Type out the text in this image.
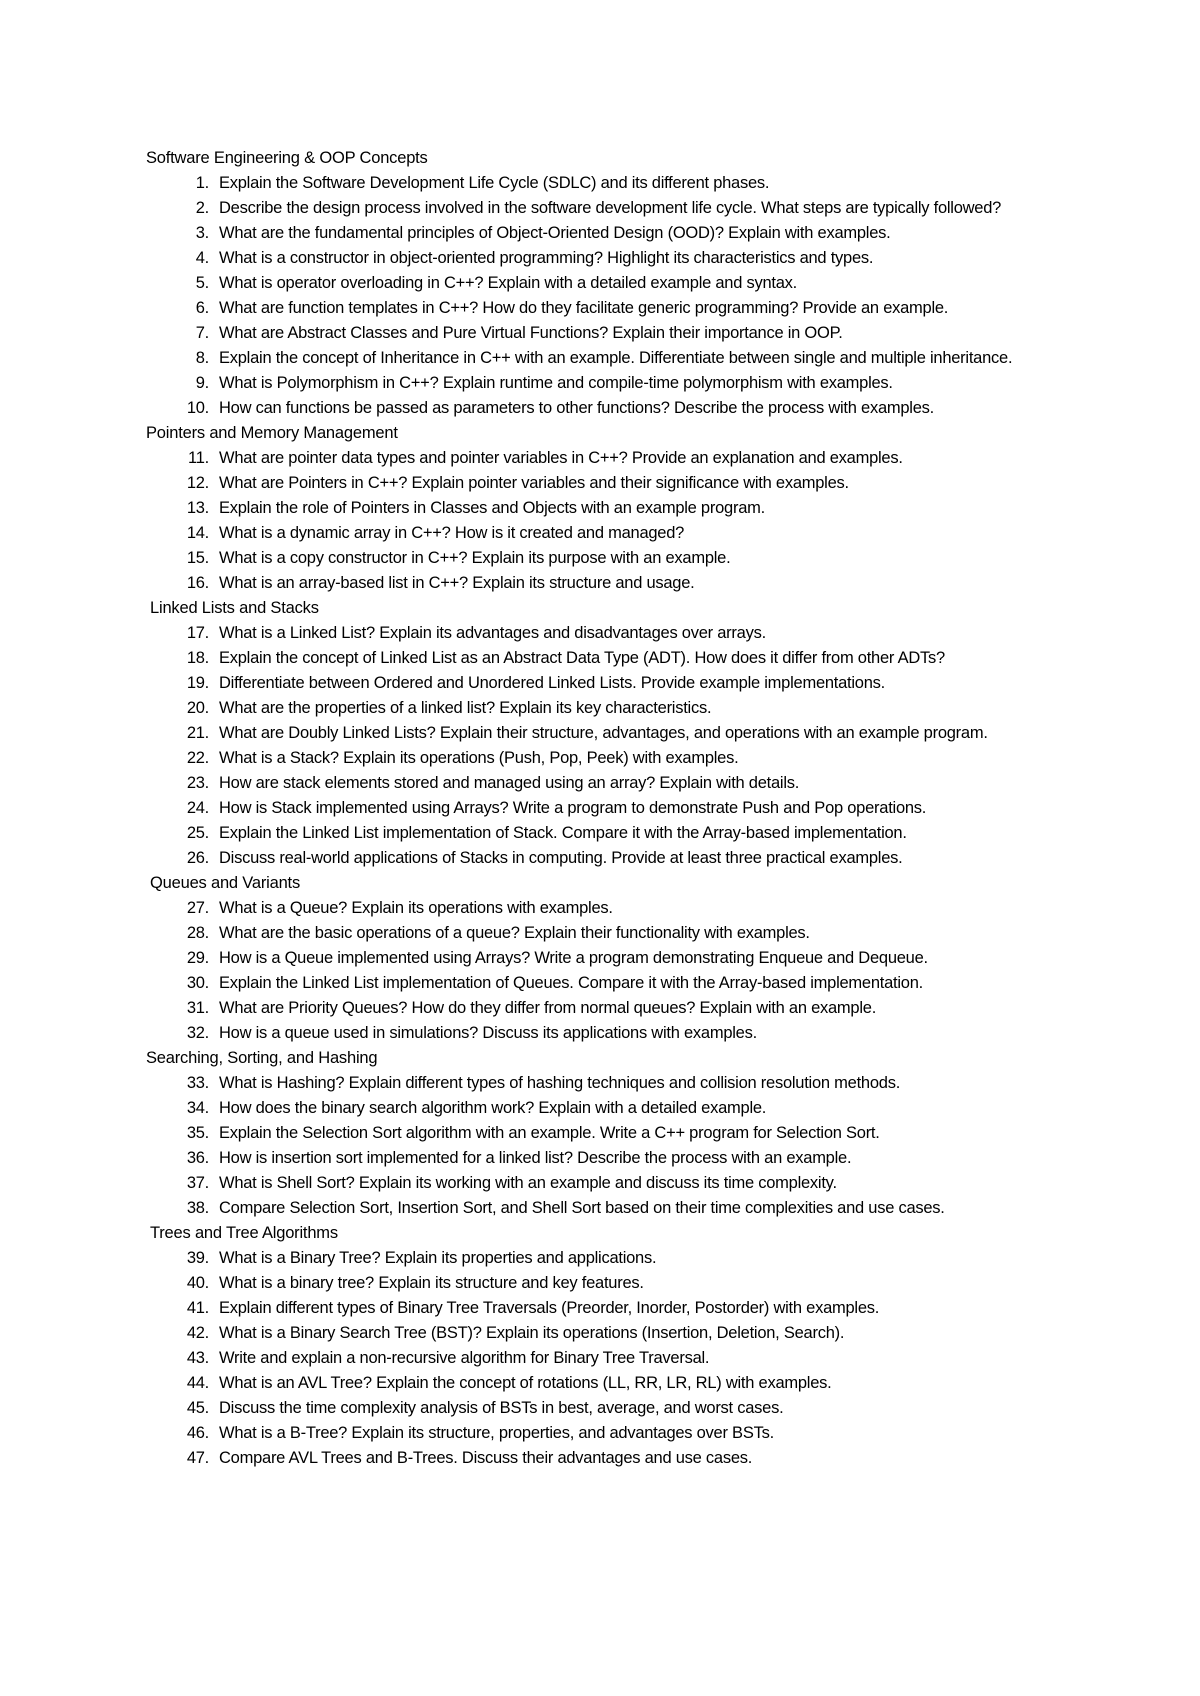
Software Engineering & OOP Concepts
1. Explain the Software Development Life Cycle (SDLC) and its different phases.
2. Describe the design process involved in the software development life cycle. What steps are typically followed?
3. What are the fundamental principles of Object-Oriented Design (OOD)? Explain with examples.
4. What is a constructor in object-oriented programming? Highlight its characteristics and types.
5. What is operator overloading in C++? Explain with a detailed example and syntax.
6. What are function templates in C++? How do they facilitate generic programming? Provide an example.
7. What are Abstract Classes and Pure Virtual Functions? Explain their importance in OOP.
8. Explain the concept of Inheritance in C++ with an example. Differentiate between single and multiple inheritance.
9. What is Polymorphism in C++? Explain runtime and compile-time polymorphism with examples.
10. How can functions be passed as parameters to other functions? Describe the process with examples.
Pointers and Memory Management
11. What are pointer data types and pointer variables in C++? Provide an explanation and examples.
12. What are Pointers in C++? Explain pointer variables and their significance with examples.
13. Explain the role of Pointers in Classes and Objects with an example program.
14. What is a dynamic array in C++? How is it created and managed?
15. What is a copy constructor in C++? Explain its purpose with an example.
16. What is an array-based list in C++? Explain its structure and usage.
Linked Lists and Stacks
17. What is a Linked List? Explain its advantages and disadvantages over arrays.
18. Explain the concept of Linked List as an Abstract Data Type (ADT). How does it differ from other ADTs?
19. Differentiate between Ordered and Unordered Linked Lists. Provide example implementations.
20. What are the properties of a linked list? Explain its key characteristics.
21. What are Doubly Linked Lists? Explain their structure, advantages, and operations with an example program.
22. What is a Stack? Explain its operations (Push, Pop, Peek) with examples.
23. How are stack elements stored and managed using an array? Explain with details.
24. How is Stack implemented using Arrays? Write a program to demonstrate Push and Pop operations.
25. Explain the Linked List implementation of Stack. Compare it with the Array-based implementation.
26. Discuss real-world applications of Stacks in computing. Provide at least three practical examples.
Queues and Variants
27. What is a Queue? Explain its operations with examples.
28. What are the basic operations of a queue? Explain their functionality with examples.
29. How is a Queue implemented using Arrays? Write a program demonstrating Enqueue and Dequeue.
30. Explain the Linked List implementation of Queues. Compare it with the Array-based implementation.
31. What are Priority Queues? How do they differ from normal queues? Explain with an example.
32. How is a queue used in simulations? Discuss its applications with examples.
Searching, Sorting, and Hashing
33. What is Hashing? Explain different types of hashing techniques and collision resolution methods.
34. How does the binary search algorithm work? Explain with a detailed example.
35. Explain the Selection Sort algorithm with an example. Write a C++ program for Selection Sort.
36. How is insertion sort implemented for a linked list? Describe the process with an example.
37. What is Shell Sort? Explain its working with an example and discuss its time complexity.
38. Compare Selection Sort, Insertion Sort, and Shell Sort based on their time complexities and use cases.
Trees and Tree Algorithms
39. What is a Binary Tree? Explain its properties and applications.
40. What is a binary tree? Explain its structure and key features.
41. Explain different types of Binary Tree Traversals (Preorder, Inorder, Postorder) with examples.
42. What is a Binary Search Tree (BST)? Explain its operations (Insertion, Deletion, Search).
43. Write and explain a non-recursive algorithm for Binary Tree Traversal.
44. What is an AVL Tree? Explain the concept of rotations (LL, RR, LR, RL) with examples.
45. Discuss the time complexity analysis of BSTs in best, average, and worst cases.
46. What is a B-Tree? Explain its structure, properties, and advantages over BSTs.
47. Compare AVL Trees and B-Trees. Discuss their advantages and use cases.
